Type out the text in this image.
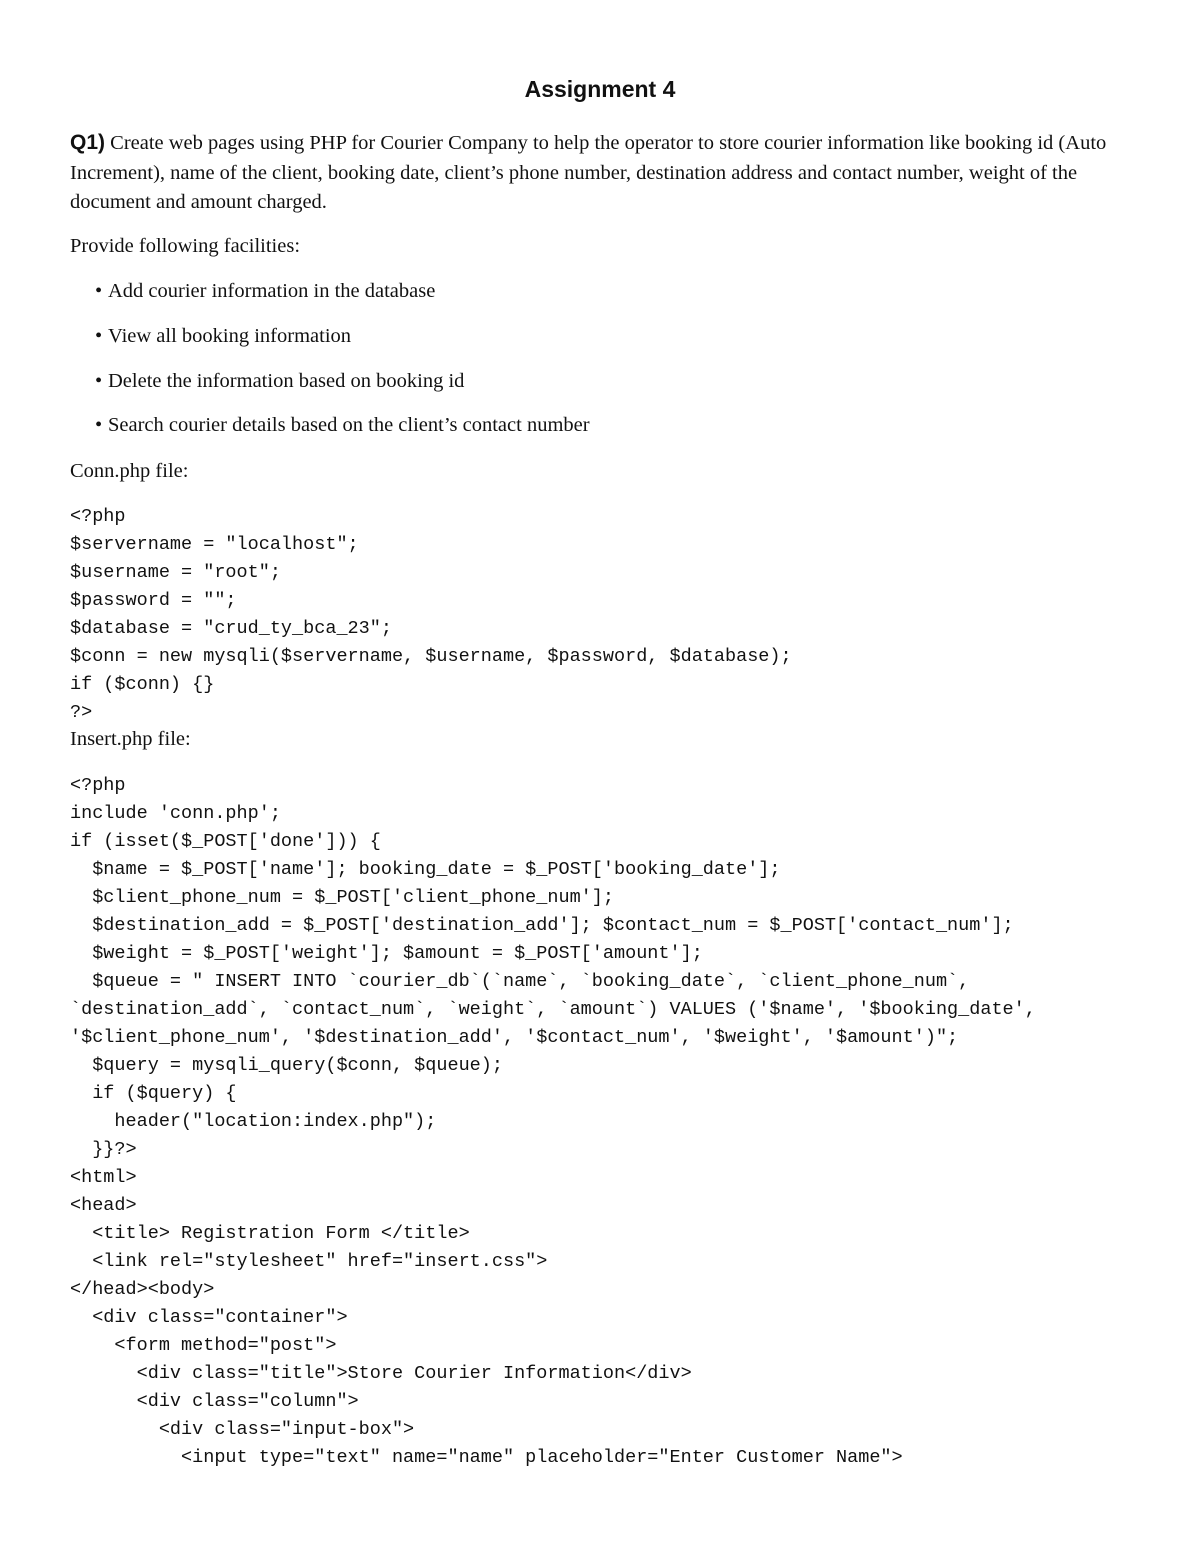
Assignment 4
Q1) Create web pages using PHP for Courier Company to help the operator to store courier information like booking id (Auto Increment), name of the client, booking date, client’s phone number, destination address and contact number, weight of the document and amount charged.
Provide following facilities:
• Add courier information in the database
• View all booking information
• Delete the information based on booking id
• Search courier details based on the client’s contact number
Conn.php file:
<?php
$servername = "localhost";
$username = "root";
$password = "";
$database = "crud_ty_bca_23";
$conn = new mysqli($servername, $username, $password, $database);
if ($conn) {}
?>
Insert.php file:
<?php
include 'conn.php';
if (isset($_POST['done'])) {
$name = $_POST['name']; booking_date = $_POST['booking_date'];
$client_phone_num = $_POST['client_phone_num'];
$destination_add = $_POST['destination_add']; $contact_num = $_POST['contact_num'];
$weight = $_POST['weight']; $amount = $_POST['amount'];
$queue = " INSERT INTO `courier_db`(`name`, `booking_date`, `client_phone_num`,
`destination_add`, `contact_num`, `weight`, `amount`) VALUES ('$name', '$booking_date',
'$client_phone_num', '$destination_add', '$contact_num', '$weight', '$amount')";
$query = mysqli_query($conn, $queue);
if ($query) {
header("location:index.php");
}}?>
<html>
<head>
<title> Registration Form </title>
<link rel="stylesheet" href="insert.css">
</head><body>
<div class="container">
<form method="post">
<div class="title">Store Courier Information</div>
<div class="column">
<div class="input-box">
<input type="text" name="name" placeholder="Enter Customer Name">
